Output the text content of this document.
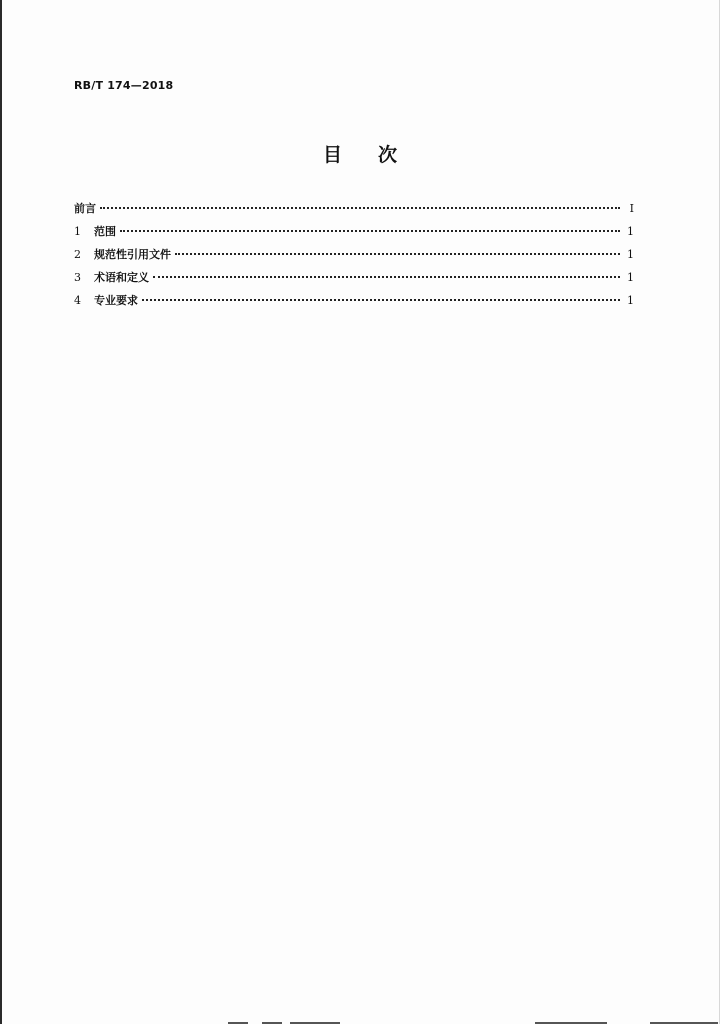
RB/T 174—2018
目 次
前言	I
1	范围	1
2	规范性引用文件	1
3	术语和定义	1
4	专业要求	1
